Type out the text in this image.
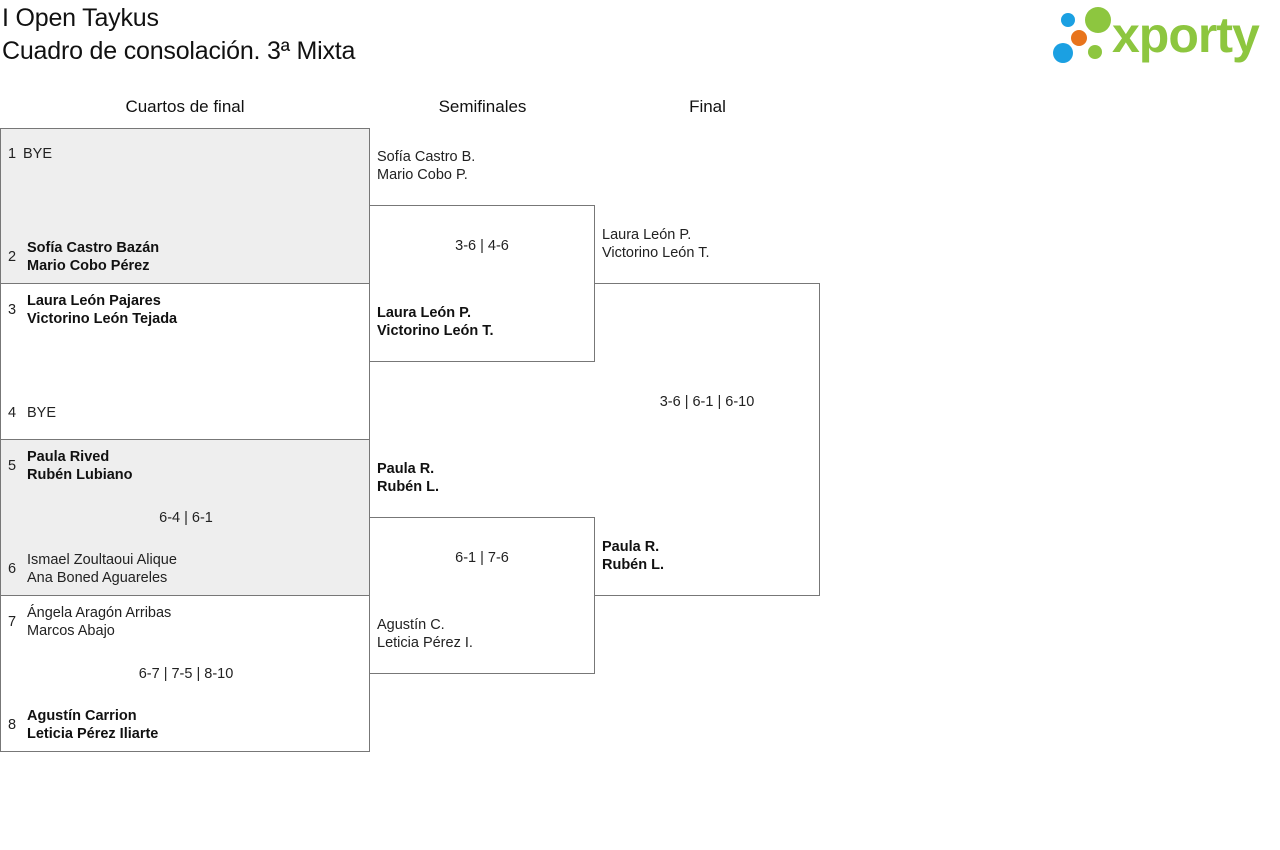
I Open Taykus
Cuadro de consolación. 3ª Mixta	xporty
Cuartos de final	Semifinales	Final
1 BYE
2
Sofía Castro Bazán
Mario Cobo Pérez
3
Laura León Pajares
Victorino León Tejada
4 BYE
5
Paula Rived
Rubén Lubiano
6-4 | 6-1
6
Ismael Zoultaoui Alique
Ana Boned Aguareles
7
Ángela Aragón Arribas
Marcos Abajo
6-7 | 7-5 | 8-10
8
Agustín Carrion
Leticia Pérez Iliarte
Sofía Castro B.
Mario Cobo P.
3-6 | 4-6
Laura León P.
Victorino León T.
Paula R.
Rubén L.
6-1 | 7-6
Agustín C.
Leticia Pérez I.
Laura León P.
Victorino León T.
3-6 | 6-1 | 6-10
Paula R.
Rubén L.
